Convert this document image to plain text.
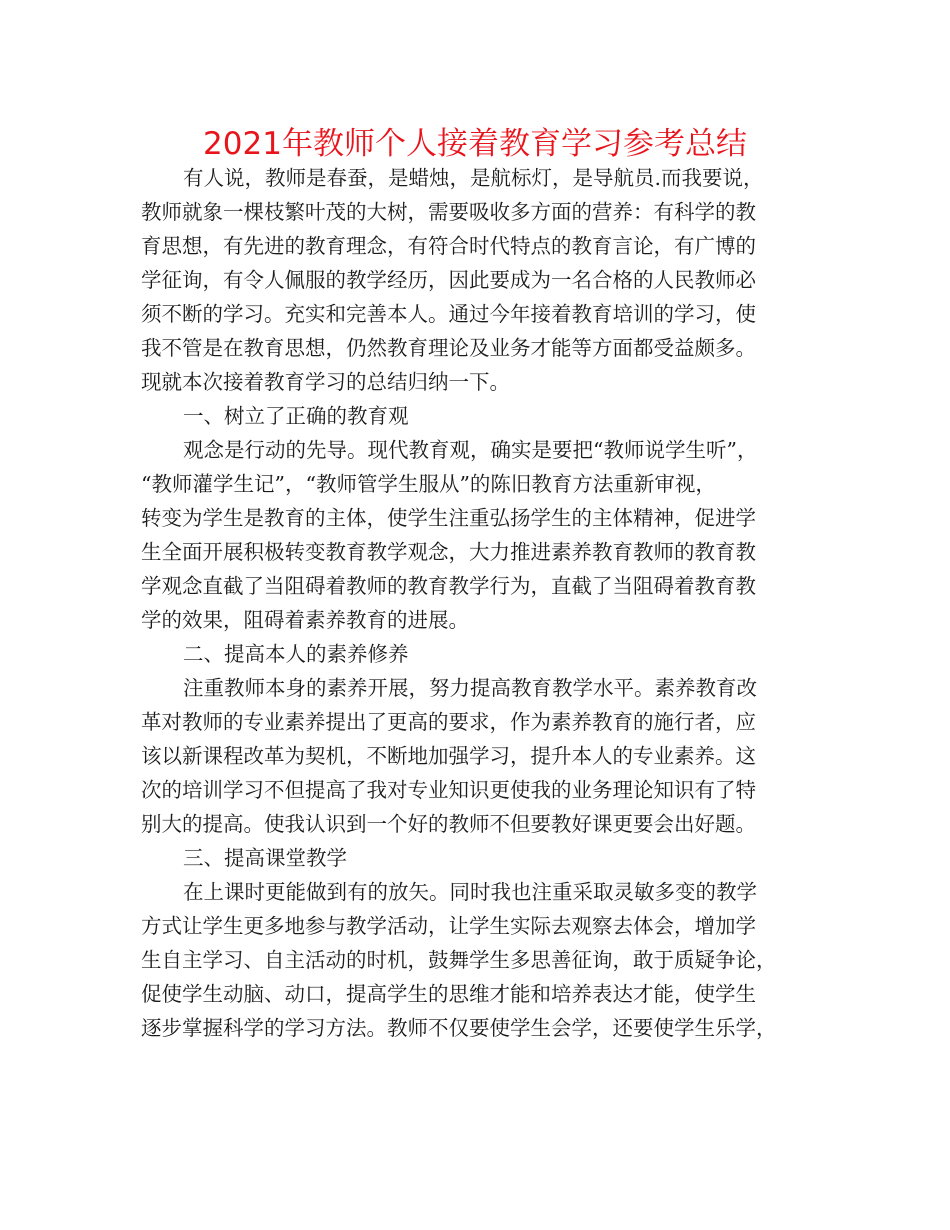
2021年教师个人接着教育学习参考总结
有人说，教师是春蚕，是蜡烛，是航标灯，是导航员.而我要说，
教师就象一棵枝繁叶茂的大树，需要吸收多方面的营养：有科学的教
育思想，有先进的教育理念，有符合时代特点的教育言论，有广博的
学征询，有令人佩服的教学经历，因此要成为一名合格的人民教师必
须不断的学习。充实和完善本人。通过今年接着教育培训的学习，使
我不管是在教育思想，仍然教育理论及业务才能等方面都受益颇多。
现就本次接着教育学习的总结归纳一下。
一、树立了正确的教育观
观念是行动的先导。现代教育观，确实是要把“教师说学生听”，
“教师灌学生记”，“教师管学生服从”的陈旧教育方法重新审视，
转变为学生是教育的主体，使学生注重弘扬学生的主体精神，促进学
生全面开展积极转变教育教学观念，大力推进素养教育教师的教育教
学观念直截了当阻碍着教师的教育教学行为，直截了当阻碍着教育教
学的效果，阻碍着素养教育的进展。
二、提高本人的素养修养
注重教师本身的素养开展，努力提高教育教学水平。素养教育改
革对教师的专业素养提出了更高的要求，作为素养教育的施行者，应
该以新课程改革为契机，不断地加强学习，提升本人的专业素养。这
次的培训学习不但提高了我对专业知识更使我的业务理论知识有了特
别大的提高。使我认识到一个好的教师不但要教好课更要会出好题。
三、提高课堂教学
在上课时更能做到有的放矢。同时我也注重采取灵敏多变的教学
方式让学生更多地参与教学活动，让学生实际去观察去体会，增加学
生自主学习、自主活动的时机，鼓舞学生多思善征询，敢于质疑争论，
促使学生动脑、动口，提高学生的思维才能和培养表达才能，使学生
逐步掌握科学的学习方法。教师不仅要使学生会学，还要使学生乐学，
